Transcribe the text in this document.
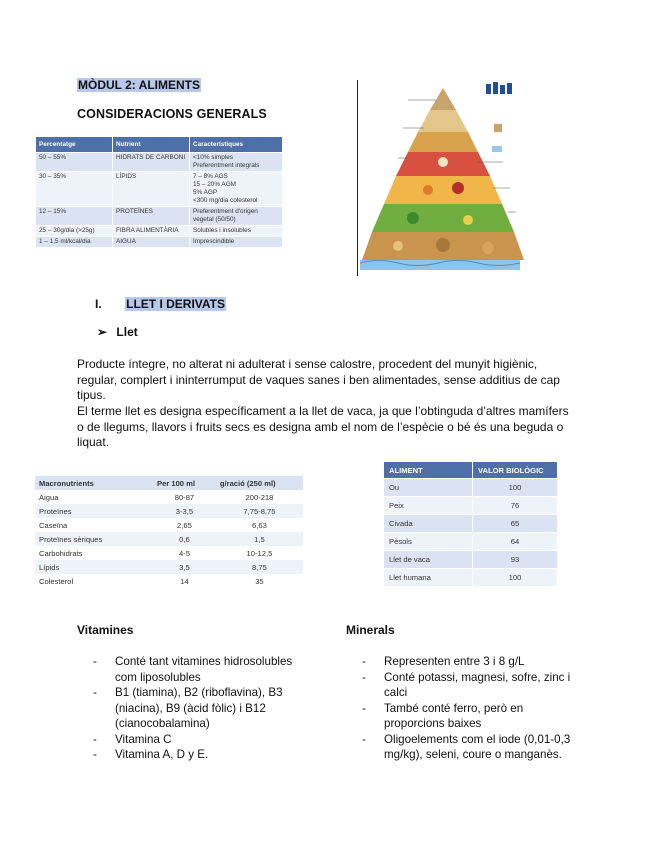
MÒDUL 2: ALIMENTS
CONSIDERACIONS GENERALS
Percentatge	Nutrient	Característiques
50 – 55%	HIDRATS DE CARBONI	<10% simples
Preferentment integrals
30 – 35%	LÍPIDS	7 – 8% AGS
15 – 20% AGM
5% AGP
<300 mg/dia colesterol
12 – 15%	PROTEÏNES	Preferentment d'origen
vegetal (50/50)
25 – 30g/dia (>25g)	FIBRA ALIMENTÀRIA	Solubles i insolubles
1 – 1,5 ml/kcal/dia	AIGUA	Imprescindible
I. LLET I DERIVATS
➢ Llet
Producte íntegre, no alterat ni adulterat i sense calostre, procedent del munyit higiènic, regular, complert i ininterrumput de vaques sanes i ben alimentades, sense additius de cap tipus.
El terme llet es designa específicament a la llet de vaca, ja que l’obtinguda d’altres mamífers o de llegums, llavors i fruits secs es designa amb el nom de l’espècie o bé és una beguda o liquat.
COMPOSICIÓ DE LA LLET		
Macronutrients	Per 100 ml	g/ració (250 ml)
Aigua	80-87	200-218
Proteïnes	3-3,5	7,75-8,75
Caseïna	2,65	6,63
Proteïnes sèriques	0,6	1,5
Carbohidrats	4-5	10-12,5
Lípids	3,5	8,75
Colesterol	14	35
ALIMENT	VALOR BIOLÒGIC
Ou	100
Peix	76
Civada	65
Pèsols	64
Llet de vaca	93
Llet humana	100
Vitamines
- Conté tant vitamines hidrosolubles com liposolubles
- B1 (tiamina), B2 (riboflavina), B3 (niacina), B9 (àcid fòlic) i B12 (cianocobalamina)
- Vitamina C
- Vitamina A, D y E.
Minerals
- Representen entre 3 i 8 g/L
- Conté potassi, magnesi, sofre, zinc i calci
- També conté ferro, però en proporcions baixes
- Oligoelements com el iode (0,01-0,3 mg/kg), seleni, coure o manganès.
